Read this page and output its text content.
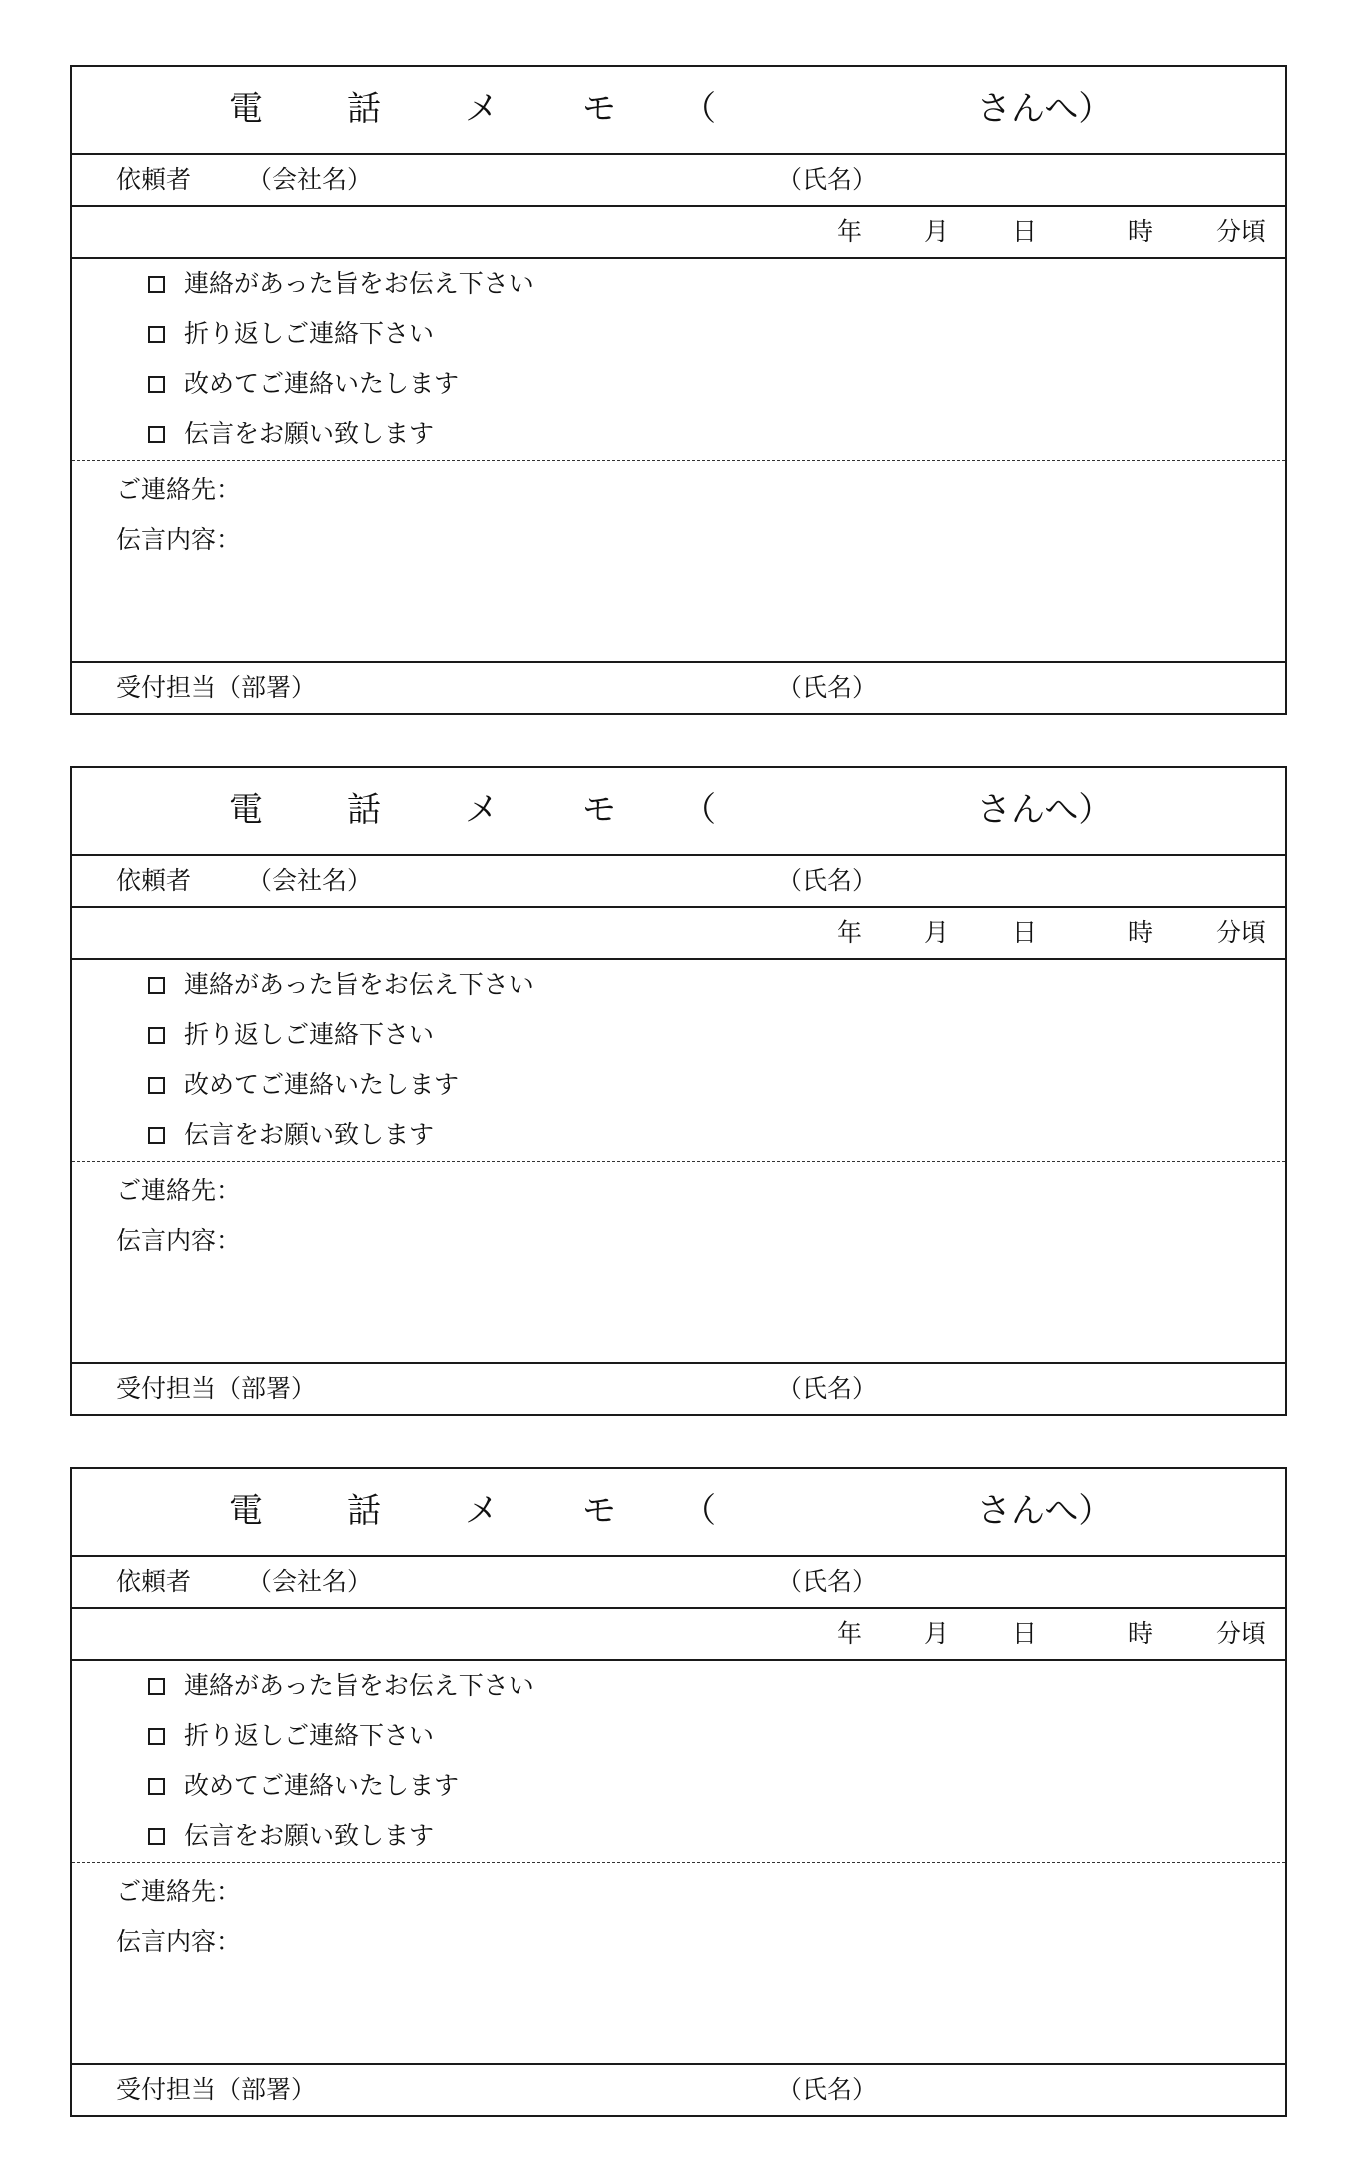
電 話 メ モ （	さんへ）
依頼者 （会社名）	（氏名）
年 月	日	時	分頃
連絡があった旨をお伝え下さい
折り返しご連絡下さい
改めてご連絡いたします
伝言をお願い致します
ご連絡先：
伝言内容：
受付担当（部署）	（氏名）
電 話 メ モ （	さんへ）
依頼者 （会社名）	（氏名）
年 月	日	時	分頃
連絡があった旨をお伝え下さい
折り返しご連絡下さい
改めてご連絡いたします
伝言をお願い致します
ご連絡先：
伝言内容：
受付担当（部署）	（氏名）
電 話 メ モ （	さんへ）
依頼者 （会社名）	（氏名）
年 月	日	時	分頃
連絡があった旨をお伝え下さい
折り返しご連絡下さい
改めてご連絡いたします
伝言をお願い致します
ご連絡先：
伝言内容：
受付担当（部署）	（氏名）
